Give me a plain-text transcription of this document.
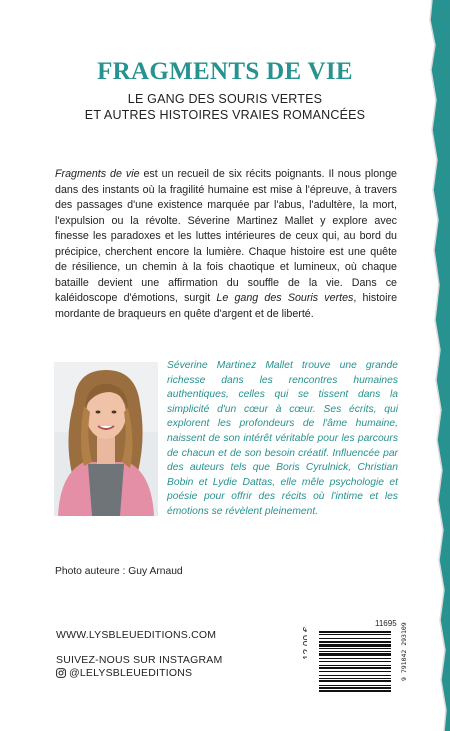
FRAGMENTS DE VIE
LE GANG DES SOURIS VERTES
ET AUTRES HISTOIRES VRAIES ROMANCÉES

Fragments de vie est un recueil de six récits poignants. Il nous plonge dans des instants où la fragilité humaine est mise à l'épreuve, à travers des passages d'une existence marquée par l'abus, l'adultère, la mort, l'expulsion ou la révolte. Séverine Martinez Mallet y explore avec finesse les paradoxes et les luttes intérieures de ceux qui, au bord du précipice, cherchent encore la lumière. Chaque histoire est une quête de résilience, un chemin à la fois chaotique et lumineux, où chaque bataille devient une affirmation du souffle de la vie. Dans ce kaléidoscope d'émotions, surgit Le gang des Souris vertes, histoire mordante de braqueurs en quête d'argent et de liberté.

Séverine Martinez Mallet trouve une grande richesse dans les rencontres humaines authentiques, celles qui se tissent dans la simplicité d'un cœur à cœur. Ses écrits, qui explorent les profondeurs de l'âme humaine, naissent de son intérêt véritable pour les parcours de chacun et de son besoin créatif. Influencée par des auteurs tels que Boris Cyrulnick, Christian Bobin et Lydie Dattas, elle mêle psychologie et poésie pour offrir des récits où l'intime et les émotions se révèlent pleinement.

Photo auteure : Guy Arnaud
WWW.LYSBLEUEDITIONS.COM
SUIVEZ-NOUS SUR INSTAGRAM
@LELYSBLEUEDITIONS
11695
12,00 €	9 791042 293109
